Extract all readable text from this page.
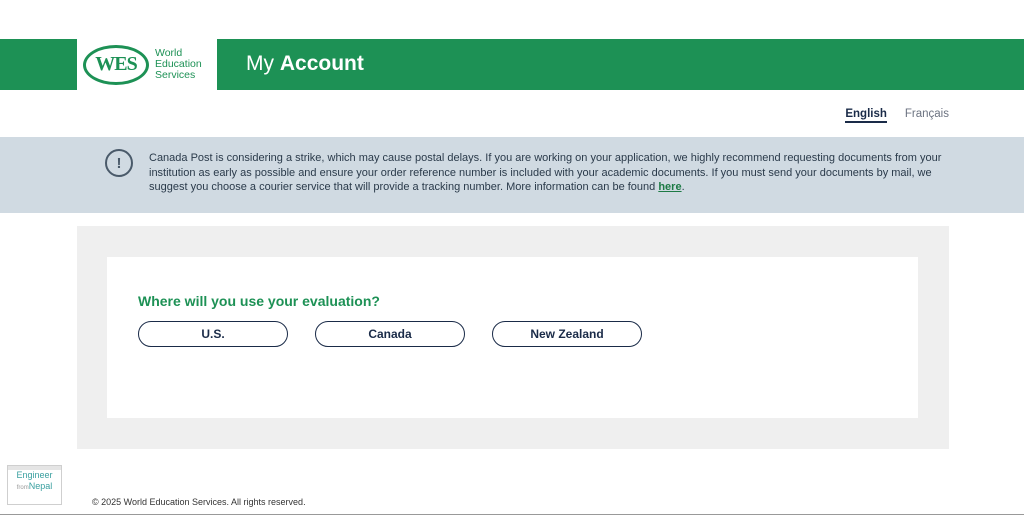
WES	World
Education
Services	My Account
English Français
!	Canada Post is considering a strike, which may cause postal delays. If you are working on your application, we highly recommend requesting documents from your institution as early as possible and ensure your order reference number is included with your academic documents. If you must send your documents by mail, we suggest you choose a courier service that will provide a tracking number. More information can be found here.
Where will you use your evaluation?
U.S.	Canada	New Zealand
Engineer
fromNepal
© 2025 World Education Services. All rights reserved.
